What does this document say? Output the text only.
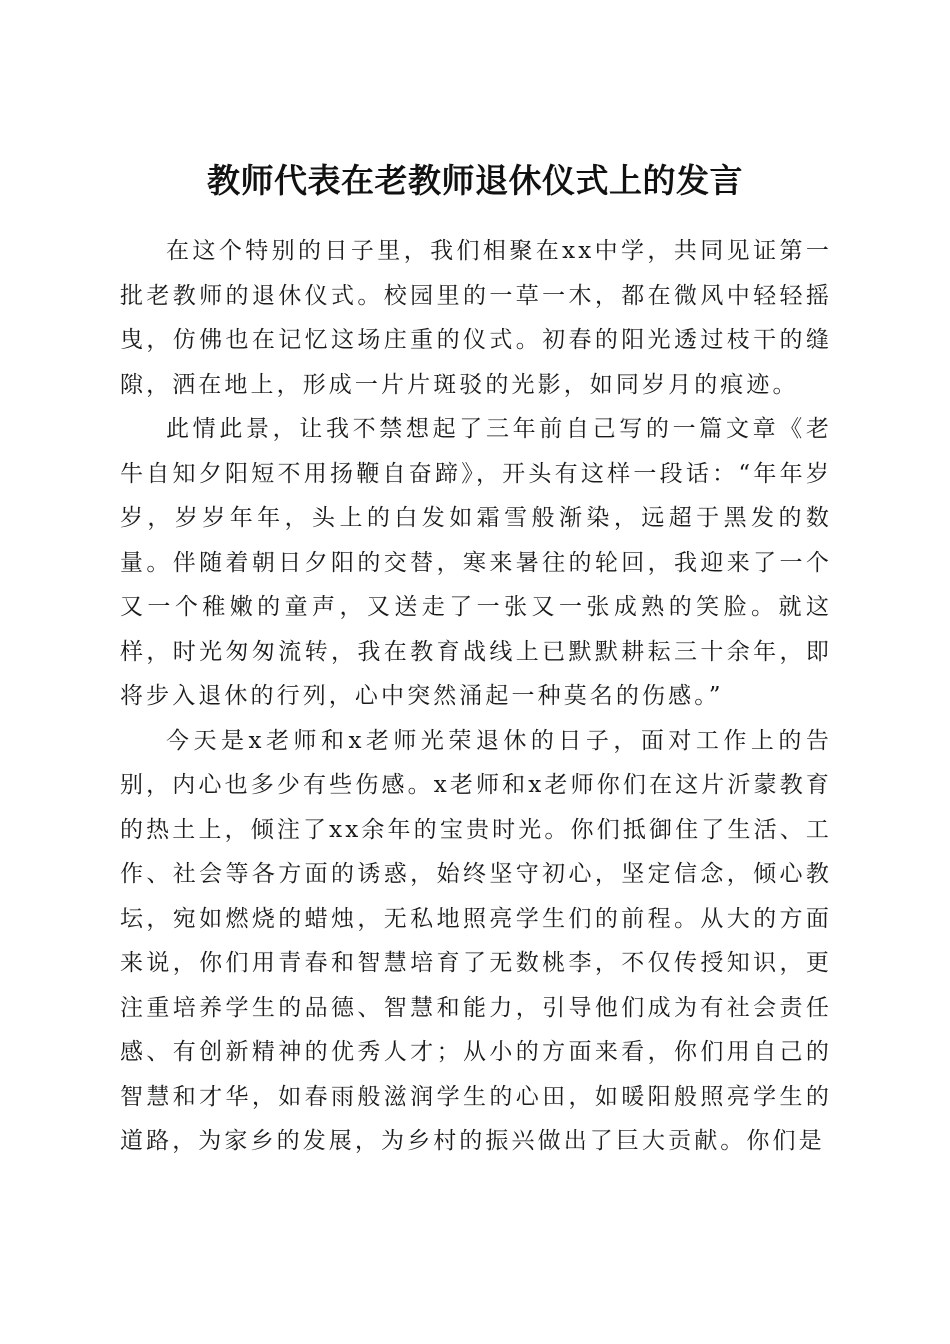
教师代表在老教师退休仪式上的发言

在这个特别的日子里，我们相聚在xx中学，共同见证第一批老教师的退休仪式。校园里的一草一木，都在微风中轻轻摇曳，仿佛也在记忆这场庄重的仪式。初春的阳光透过枝干的缝隙，洒在地上，形成一片片斑驳的光影，如同岁月的痕迹。

此情此景，让我不禁想起了三年前自己写的一篇文章《老牛自知夕阳短不用扬鞭自奋蹄》，开头有这样一段话：“年年岁岁，岁岁年年，头上的白发如霜雪般渐染，远超于黑发的数量。伴随着朝日夕阳的交替，寒来暑往的轮回，我迎来了一个又一个稚嫩的童声，又送走了一张又一张成熟的笑脸。就这样，时光匆匆流转，我在教育战线上已默默耕耘三十余年，即将步入退休的行列，心中突然涌起一种莫名的伤感。”

今天是x老师和x老师光荣退休的日子，面对工作上的告别，内心也多少有些伤感。x老师和x老师你们在这片沂蒙教育的热土上，倾注了xx余年的宝贵时光。你们抵御住了生活、工作、社会等各方面的诱惑，始终坚守初心，坚定信念，倾心教坛，宛如燃烧的蜡烛，无私地照亮学生们的前程。从大的方面来说，你们用青春和智慧培育了无数桃李，不仅传授知识，更注重培养学生的品德、智慧和能力，引导他们成为有社会责任感、有创新精神的优秀人才；从小的方面来看，你们用自己的智慧和才华，如春雨般滋润学生的心田，如暖阳般照亮学生的道路，为家乡的发展，为乡村的振兴做出了巨大贡献。你们是
